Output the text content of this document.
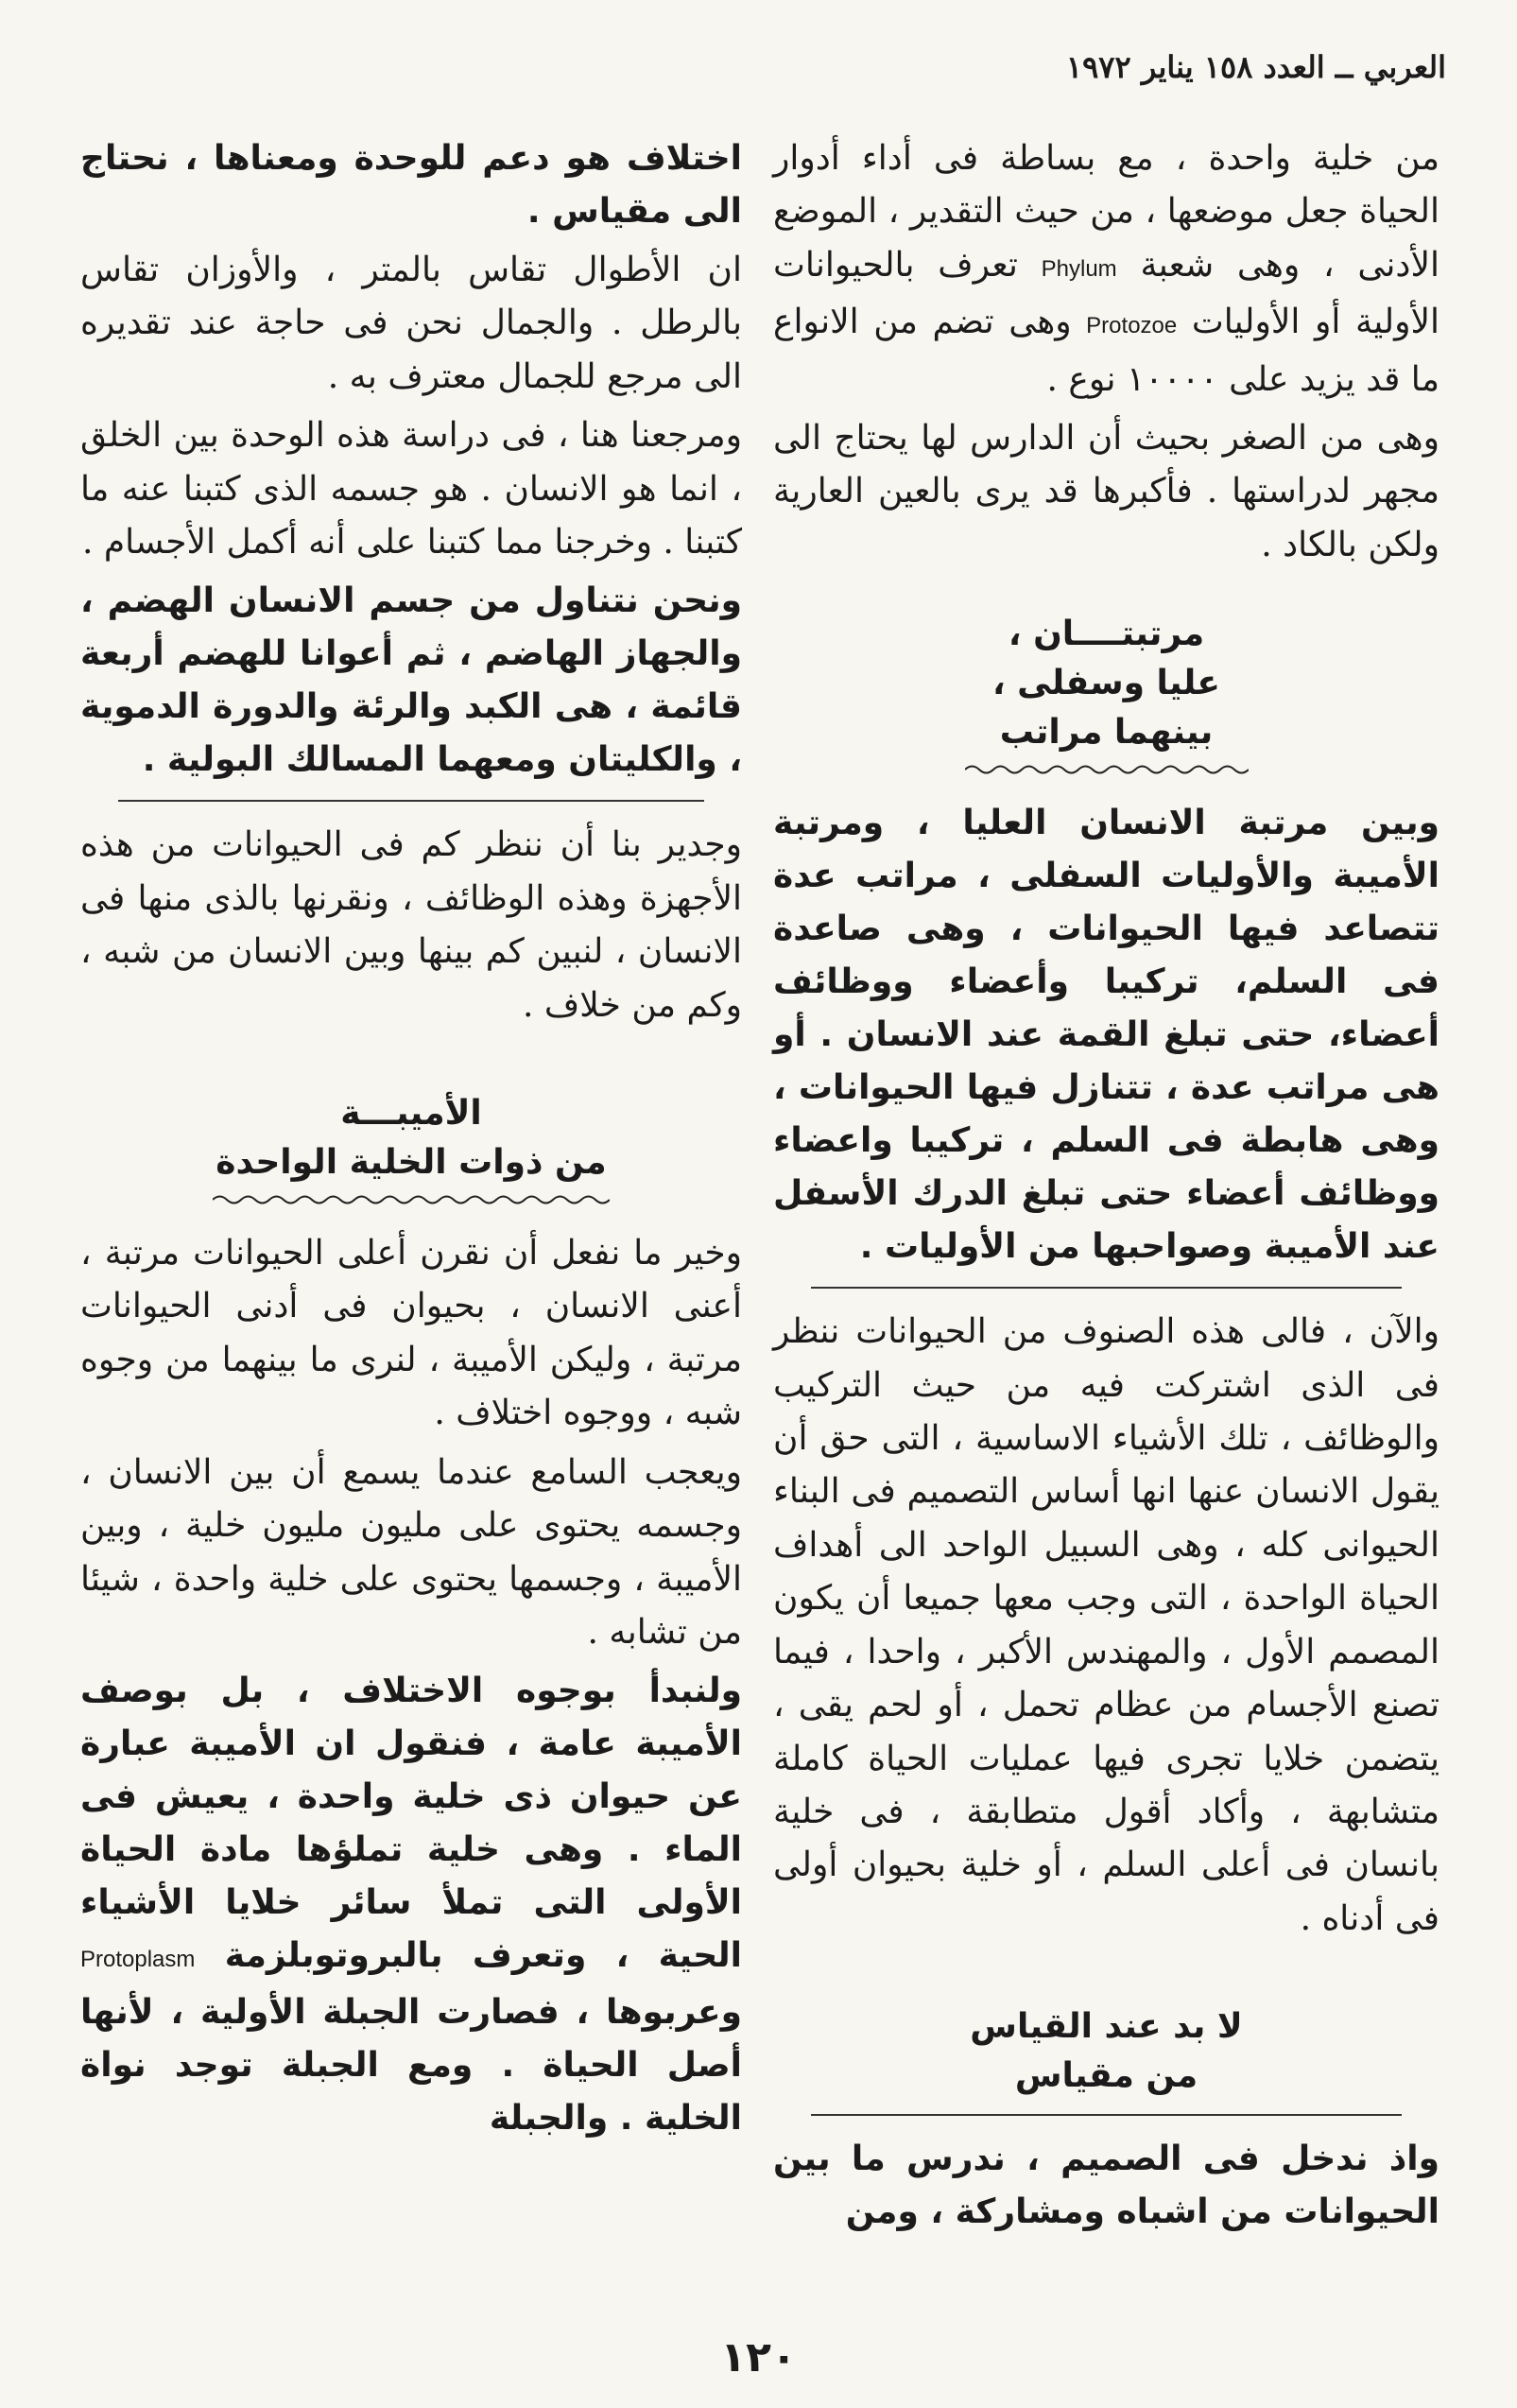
العربي ــ العدد ١٥٨ يناير ١٩٧٢

من خلية واحدة ، مع بساطة فى أداء أدوار الحياة جعل موضعها ، من حيث التقدير ، الموضع الأدنى ، وهى شعبة Phylum تعرف بالحيوانات الأولية أو الأوليات Protozoe وهى تضم من الانواع ما قد يزيد على ١٠٠٠٠ نوع .

وهى من الصغر بحيث أن الدارس لها يحتاج الى مجهر لدراستها . فأكبرها قد يرى بالعين العارية ولكن بالكاد .

مرتبتــــان ،
عليا وسفلى ،
بينهما مراتب

وبين مرتبة الانسان العليا ، ومرتبة الأميبة والأوليات السفلى ، مراتب عدة تتصاعد فيها الحيوانات ، وهى صاعدة فى السلم، تركيبا وأعضاء ووظائف أعضاء، حتى تبلغ القمة عند الانسان . أو هى مراتب عدة ، تتنازل فيها الحيوانات ، وهى هابطة فى السلم ، تركيبا واعضاء ووظائف أعضاء حتى تبلغ الدرك الأسفل عند الأميبة وصواحبها من الأوليات .

والآن ، فالى هذه الصنوف من الحيوانات ننظر فى الذى اشتركت فيه من حيث التركيب والوظائف ، تلك الأشياء الاساسية ، التى حق أن يقول الانسان عنها انها أساس التصميم فى البناء الحيوانى كله ، وهى السبيل الواحد الى أهداف الحياة الواحدة ، التى وجب معها جميعا أن يكون المصمم الأول ، والمهندس الأكبر ، واحدا ، فيما تصنع الأجسام من عظام تحمل ، أو لحم يقى ، يتضمن خلايا تجرى فيها عمليات الحياة كاملة متشابهة ، وأكاد أقول متطابقة ، فى خلية بانسان فى أعلى السلم ، أو خلية بحيوان أولى فى أدناه .

لا بد عند القياس
من مقياس

واذ ندخل فى الصميم ، ندرس ما بين الحيوانات من اشباه ومشاركة ، ومن

اختلاف هو دعم للوحدة ومعناها ، نحتاج الى مقياس .

ان الأطوال تقاس بالمتر ، والأوزان تقاس بالرطل . والجمال نحن فى حاجة عند تقديره الى مرجع للجمال معترف به .

ومرجعنا هنا ، فى دراسة هذه الوحدة بين الخلق ، انما هو الانسان . هو جسمه الذى كتبنا عنه ما كتبنا . وخرجنا مما كتبنا على أنه أكمل الأجسام .

ونحن نتناول من جسم الانسان الهضم ، والجهاز الهاضم ، ثم أعوانا للهضم أربعة قائمة ، هى الكبد والرئة والدورة الدموية ، والكليتان ومعهما المسالك البولية .

وجدير بنا أن ننظر كم فى الحيوانات من هذه الأجهزة وهذه الوظائف ، ونقرنها بالذى منها فى الانسان ، لنبين كم بينها وبين الانسان من شبه ، وكم من خلاف .

الأميبـــة
من ذوات الخلية الواحدة

وخير ما نفعل أن نقرن أعلى الحيوانات مرتبة ، أعنى الانسان ، بحيوان فى أدنى الحيوانات مرتبة ، وليكن الأميبة ، لنرى ما بينهما من وجوه شبه ، ووجوه اختلاف .

ويعجب السامع عندما يسمع أن بين الانسان ، وجسمه يحتوى على مليون مليون خلية ، وبين الأميبة ، وجسمها يحتوى على خلية واحدة ، شيئا من تشابه .

ولنبدأ بوجوه الاختلاف ، بل بوصف الأميبة عامة ، فنقول ان الأميبة عبارة عن حيوان ذى خلية واحدة ، يعيش فى الماء . وهى خلية تملؤها مادة الحياة الأولى التى تملأ سائر خلايا الأشياء الحية ، وتعرف بالبروتوبلزمة Protoplasm وعربوها ، فصارت الجبلة الأولية ، لأنها أصل الحياة . ومع الجبلة توجد نواة الخلية . والجبلة

١٢٠
